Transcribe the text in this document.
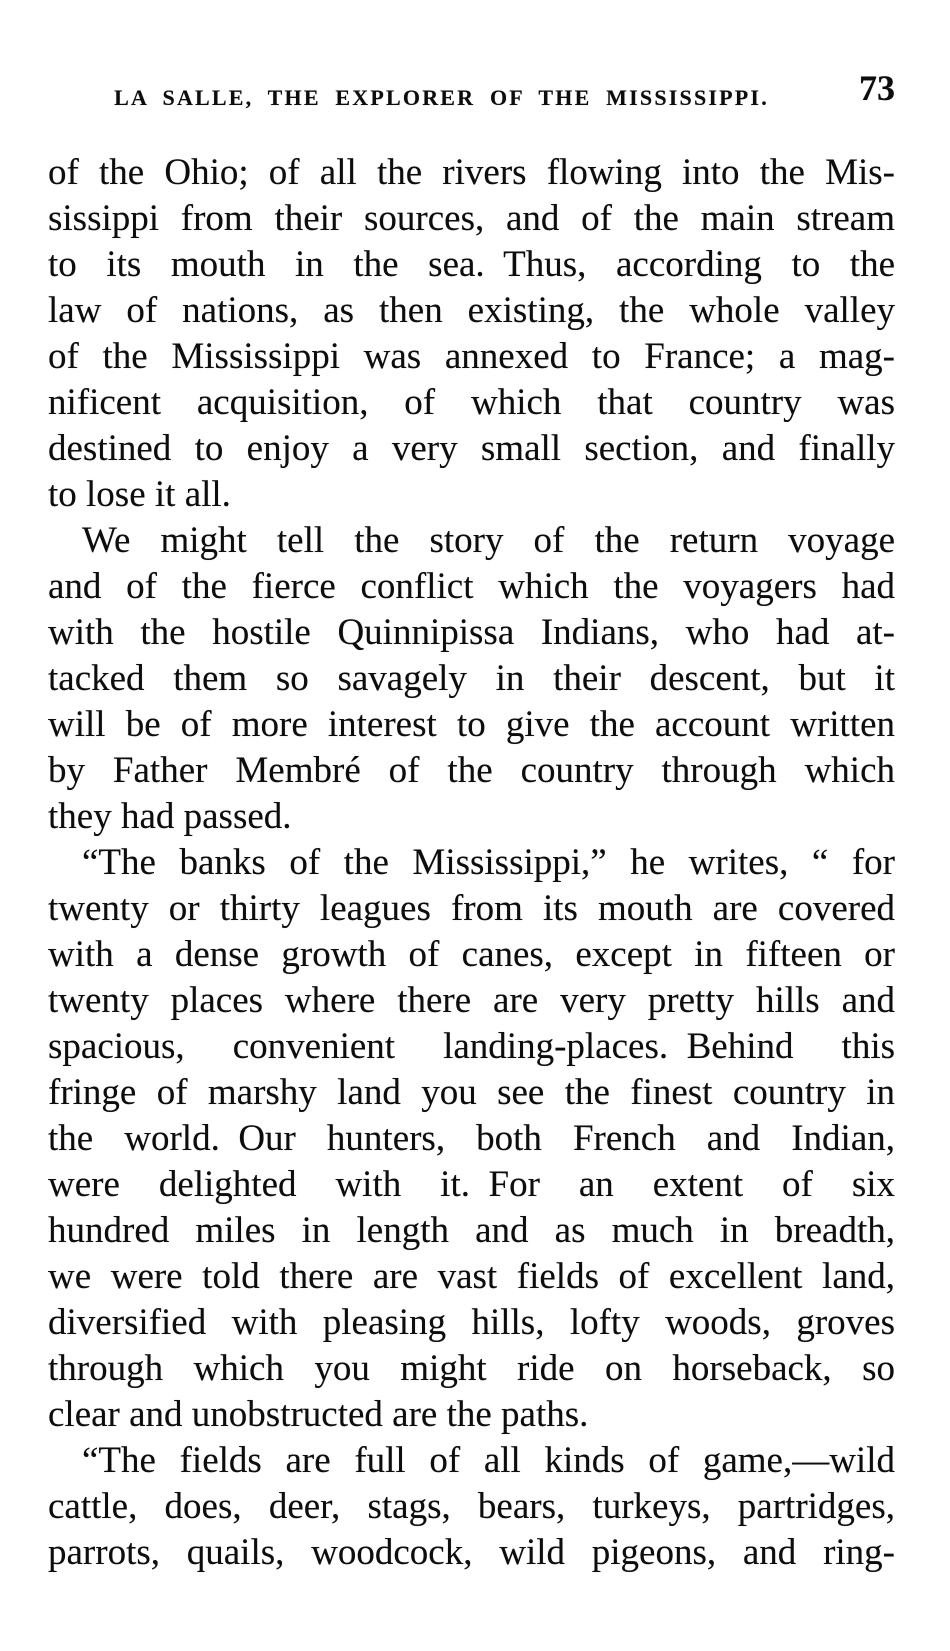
LA SALLE, THE EXPLORER OF THE MISSISSIPPI.	73
of the Ohio; of all the rivers flowing into the Mis-
sissippi from their sources, and of the main stream
to its mouth in the sea. Thus, according to the
law of nations, as then existing, the whole valley
of the Mississippi was annexed to France; a mag-
nificent acquisition, of which that country was
destined to enjoy a very small section, and finally
to lose it all.
We might tell the story of the return voyage
and of the fierce conflict which the voyagers had
with the hostile Quinnipissa Indians, who had at-
tacked them so savagely in their descent, but it
will be of more interest to give the account written
by Father Membré of the country through which
they had passed.
“The banks of the Mississippi,” he writes, “ for
twenty or thirty leagues from its mouth are covered
with a dense growth of canes, except in fifteen or
twenty places where there are very pretty hills and
spacious, convenient landing-places. Behind this
fringe of marshy land you see the finest country in
the world. Our hunters, both French and Indian,
were delighted with it. For an extent of six
hundred miles in length and as much in breadth,
we were told there are vast fields of excellent land,
diversified with pleasing hills, lofty woods, groves
through which you might ride on horseback, so
clear and unobstructed are the paths.
“The fields are full of all kinds of game,—wild
cattle, does, deer, stags, bears, turkeys, partridges,
parrots, quails, woodcock, wild pigeons, and ring-
